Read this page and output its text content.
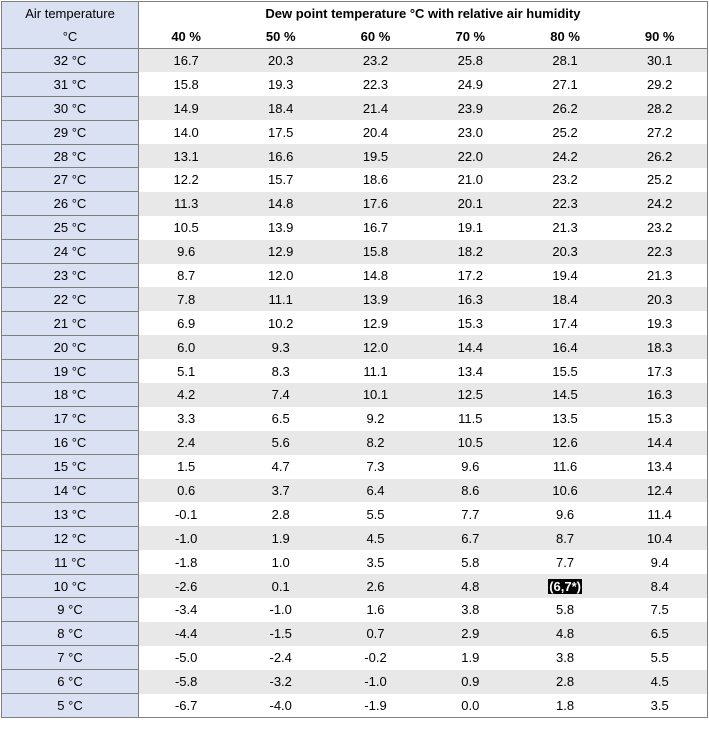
Air temperature	Dew point temperature °C with relative air humidity					
°C	40 %	50 %	60 %	70 %	80 %	90 %
32 °C	16.7	20.3	23.2	25.8	28.1	30.1
31 °C	15.8	19.3	22.3	24.9	27.1	29.2
30 °C	14.9	18.4	21.4	23.9	26.2	28.2
29 °C	14.0	17.5	20.4	23.0	25.2	27.2
28 °C	13.1	16.6	19.5	22.0	24.2	26.2
27 °C	12.2	15.7	18.6	21.0	23.2	25.2
26 °C	11.3	14.8	17.6	20.1	22.3	24.2
25 °C	10.5	13.9	16.7	19.1	21.3	23.2
24 °C	9.6	12.9	15.8	18.2	20.3	22.3
23 °C	8.7	12.0	14.8	17.2	19.4	21.3
22 °C	7.8	11.1	13.9	16.3	18.4	20.3
21 °C	6.9	10.2	12.9	15.3	17.4	19.3
20 °C	6.0	9.3	12.0	14.4	16.4	18.3
19 °C	5.1	8.3	11.1	13.4	15.5	17.3
18 °C	4.2	7.4	10.1	12.5	14.5	16.3
17 °C	3.3	6.5	9.2	11.5	13.5	15.3
16 °C	2.4	5.6	8.2	10.5	12.6	14.4
15 °C	1.5	4.7	7.3	9.6	11.6	13.4
14 °C	0.6	3.7	6.4	8.6	10.6	12.4
13 °C	-0.1	2.8	5.5	7.7	9.6	11.4
12 °C	-1.0	1.9	4.5	6.7	8.7	10.4
11 °C	-1.8	1.0	3.5	5.8	7.7	9.4
10 °C	-2.6	0.1	2.6	4.8	(6,7*)	8.4
9 °C	-3.4	-1.0	1.6	3.8	5.8	7.5
8 °C	-4.4	-1.5	0.7	2.9	4.8	6.5
7 °C	-5.0	-2.4	-0.2	1.9	3.8	5.5
6 °C	-5.8	-3.2	-1.0	0.9	2.8	4.5
5 °C	-6.7	-4.0	-1.9	0.0	1.8	3.5
